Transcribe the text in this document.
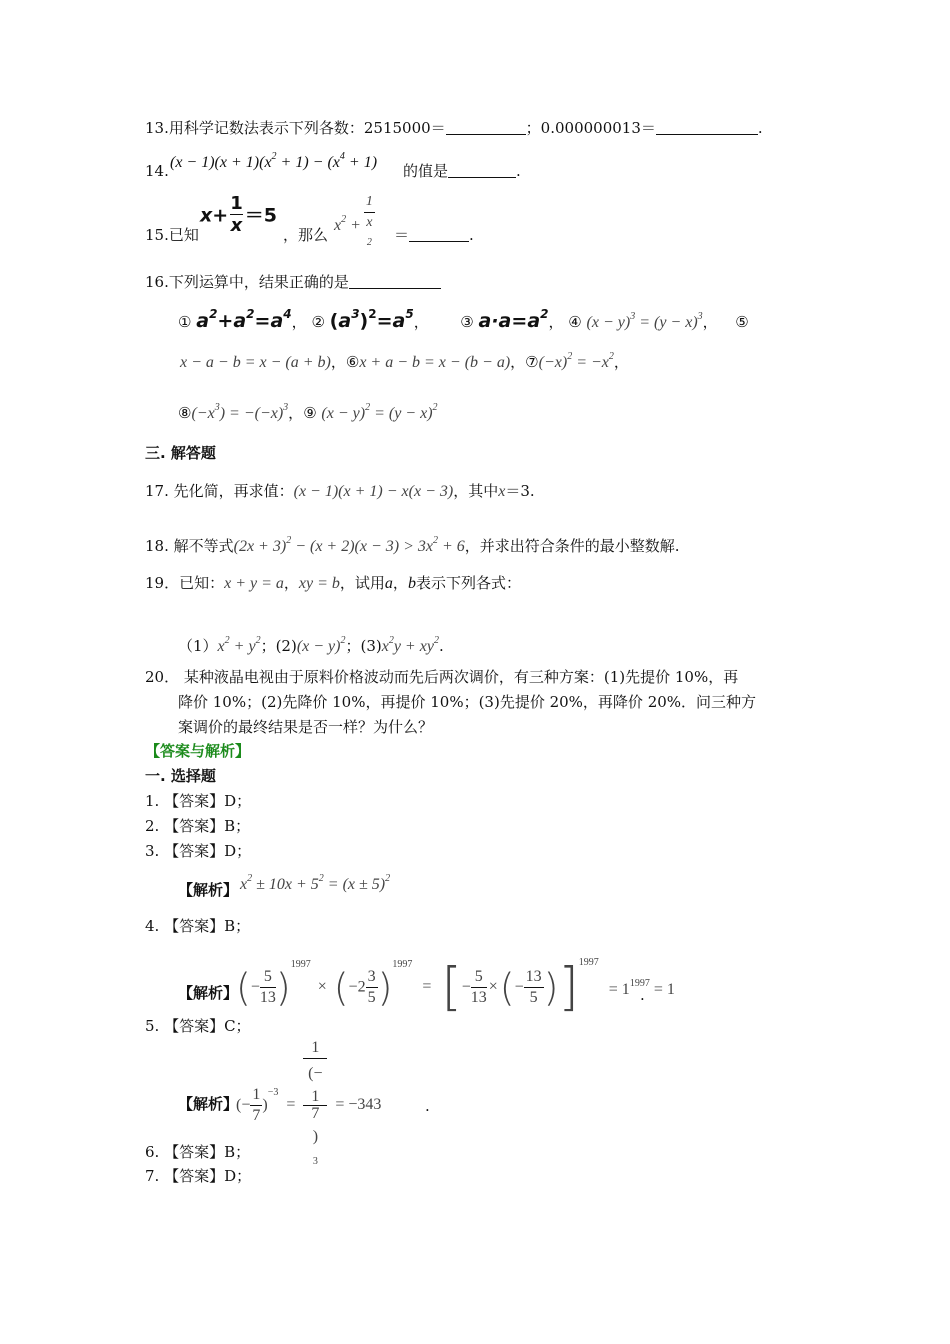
13.用科学记数法表示下列各数：2515000＝	；0.000000013＝	.
14. $(x - 1)(x + 1)(x^2 + 1) - (x^4 + 1)$ 的值是	.
15.已知
$x+ \frac{1}{x} =5$
，那么
$x^2 + 1$
x
2 ＝	.
16.下列运算中，结果正确的是
① $a^2+a^2=a^4$， ② $(a^3)^2=a^5$， ③ $a\cdot a=a^2$， ④ $(x - y)^3 = (y - x)^3$， ⑤
x − a − b = x − (a + b)，⑥x + a − b = x − (b − a)，$⑦(-x)^2 = -x^2$，
$⑧(-x^3) = -(-x)^3$，⑨ $(x - y)^2 = (y - x)^2$
三. 解答题
17. 先化简，再求值：(x − 1)(x + 1) − x(x − 3)，其中x＝3.
18. 解不等式$(2x + 3)^2 - (x + 2)(x - 3) > 3x^2 + 6$，并求出符合条件的最小整数解.
19．已知：x + y = a，xy = b，试用a，b表示下列各式：
$(1)x^2 + y^2$；$(2)(x - y)^2$；$(3)x^2y + xy^2$.
20． 某种液晶电视由于原料价格波动而先后两次调价，有三种方案：(1)先提价 10%，再
降价 10%；(2)先降价 10%，再提价 10%；(3)先提价 20%，再降价 20%．问三种方
案调价的最终结果是否一样？为什么？
【答案与解析】
一. 选择题
1. 【答案】D；
2. 【答案】B；
3. 【答案】D；
【解析】 $x^2 \pm 10x + 5^2 = (x \pm 5)^2$
4. 【答案】B；
【解析】
(− $\frac{5}{13} )^{1997} \times (-2 \frac{3}{5} )^{1997}$ = [− $\frac{5}{13}$ ×(− $\frac{13}{5} )]^{1997} = 1^{1997} = 1$
.
5. 【答案】C；
(− $\frac{1}{7} )^{-3} = 1$
(−
1
7
)
3 = −343
【解析】	.
6. 【答案】B；
7. 【答案】D；
